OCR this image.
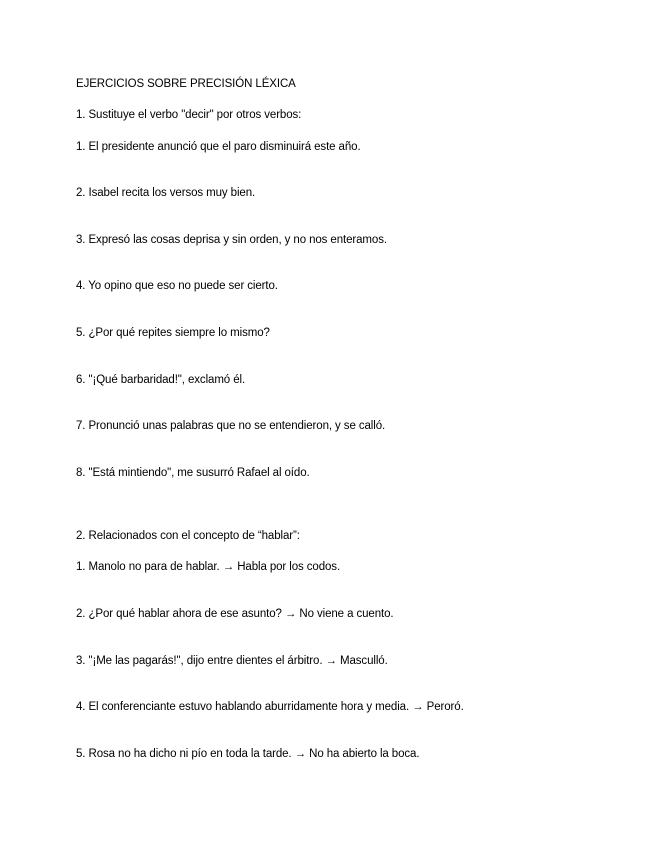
EJERCICIOS SOBRE PRECISIÓN LÉXICA
1. Sustituye el verbo "decir" por otros verbos:
1. El presidente anunció que el paro disminuirá este año.
2. Isabel recita los versos muy bien.
3. Expresó las cosas deprisa y sin orden, y no nos enteramos.
4. Yo opino que eso no puede ser cierto.
5. ¿Por qué repites siempre lo mismo?
6. "¡Qué barbaridad!", exclamó él.
7. Pronunció unas palabras que no se entendieron, y se calló.
8. "Está mintiendo", me susurró Rafael al oído.
2. Relacionados con el concepto de “hablar”:
1. Manolo no para de hablar. → Habla por los codos.
2. ¿Por qué hablar ahora de ese asunto? → No viene a cuento.
3. "¡Me las pagarás!", dijo entre dientes el árbitro. → Masculló.
4. El conferenciante estuvo hablando aburridamente hora y media. → Peroró.
5. Rosa no ha dicho ni pío en toda la tarde. → No ha abierto la boca.
